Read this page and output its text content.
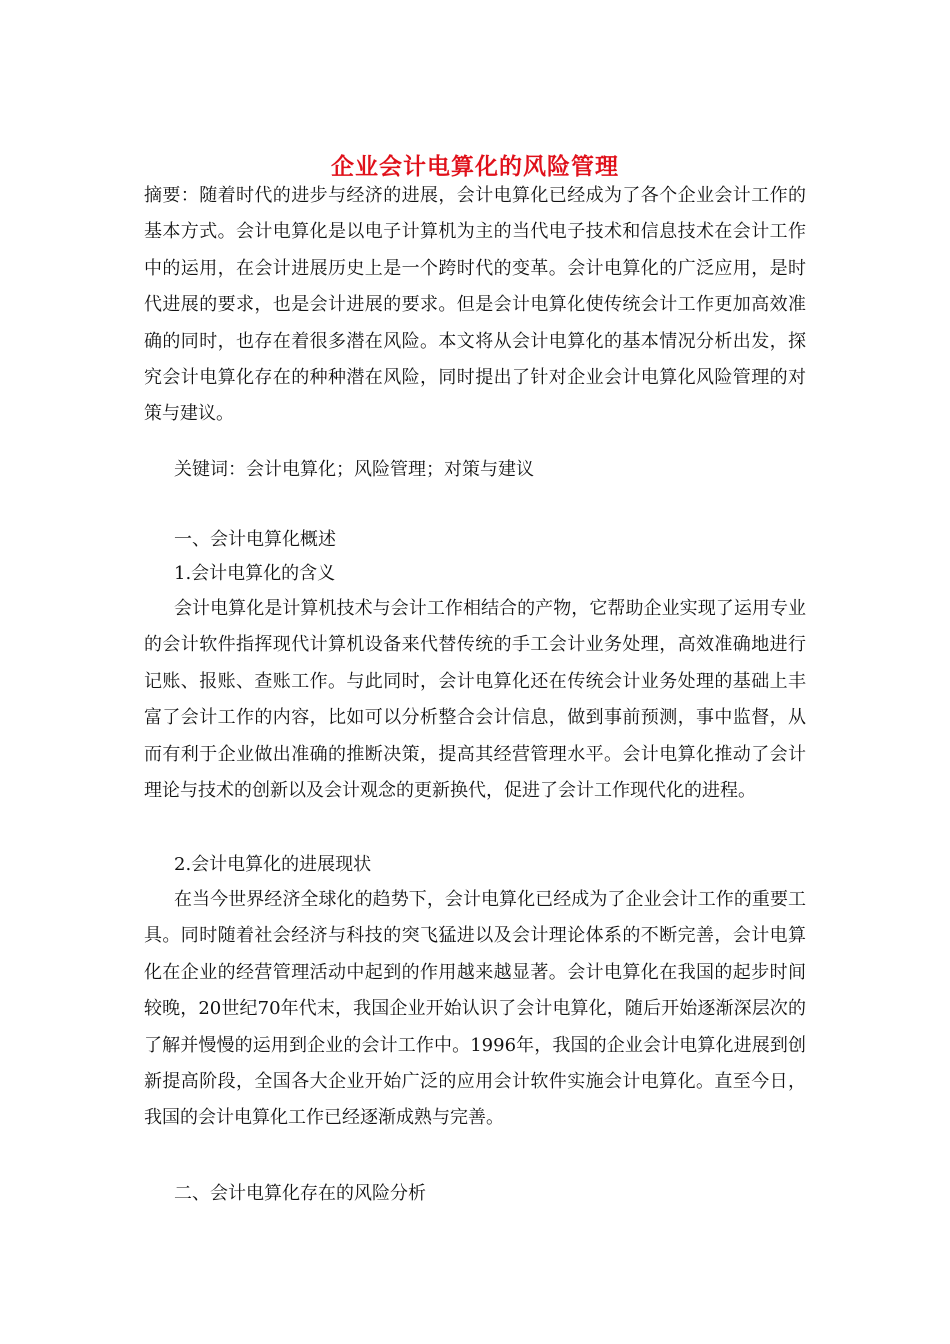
企业会计电算化的风险管理

摘要：随着时代的进步与经济的进展，会计电算化已经成为了各个企业会计工作的基本方式。会计电算化是以电子计算机为主的当代电子技术和信息技术在会计工作中的运用，在会计进展历史上是一个跨时代的变革。会计电算化的广泛应用，是时代进展的要求，也是会计进展的要求。但是会计电算化使传统会计工作更加高效准确的同时，也存在着很多潜在风险。本文将从会计电算化的基本情况分析出发，探究会计电算化存在的种种潜在风险，同时提出了针对企业会计电算化风险管理的对策与建议。

关键词：会计电算化；风险管理；对策与建议
一、会计电算化概述
1.会计电算化的含义

会计电算化是计算机技术与会计工作相结合的产物，它帮助企业实现了运用专业的会计软件指挥现代计算机设备来代替传统的手工会计业务处理，高效准确地进行记账、报账、查账工作。与此同时，会计电算化还在传统会计业务处理的基础上丰富了会计工作的内容，比如可以分析整合会计信息，做到事前预测，事中监督，从而有利于企业做出准确的推断决策，提高其经营管理水平。会计电算化推动了会计理论与技术的创新以及会计观念的更新换代，促进了会计工作现代化的进程。

2.会计电算化的进展现状

在当今世界经济全球化的趋势下，会计电算化已经成为了企业会计工作的重要工具。同时随着社会经济与科技的突飞猛进以及会计理论体系的不断完善，会计电算化在企业的经营管理活动中起到的作用越来越显著。会计电算化在我国的起步时间较晚，20世纪70年代末，我国企业开始认识了会计电算化，随后开始逐渐深层次的了解并慢慢的运用到企业的会计工作中。1996年，我国的企业会计电算化进展到创新提高阶段，全国各大企业开始广泛的应用会计软件实施会计电算化。直至今日，我国的会计电算化工作已经逐渐成熟与完善。

二、会计电算化存在的风险分析
